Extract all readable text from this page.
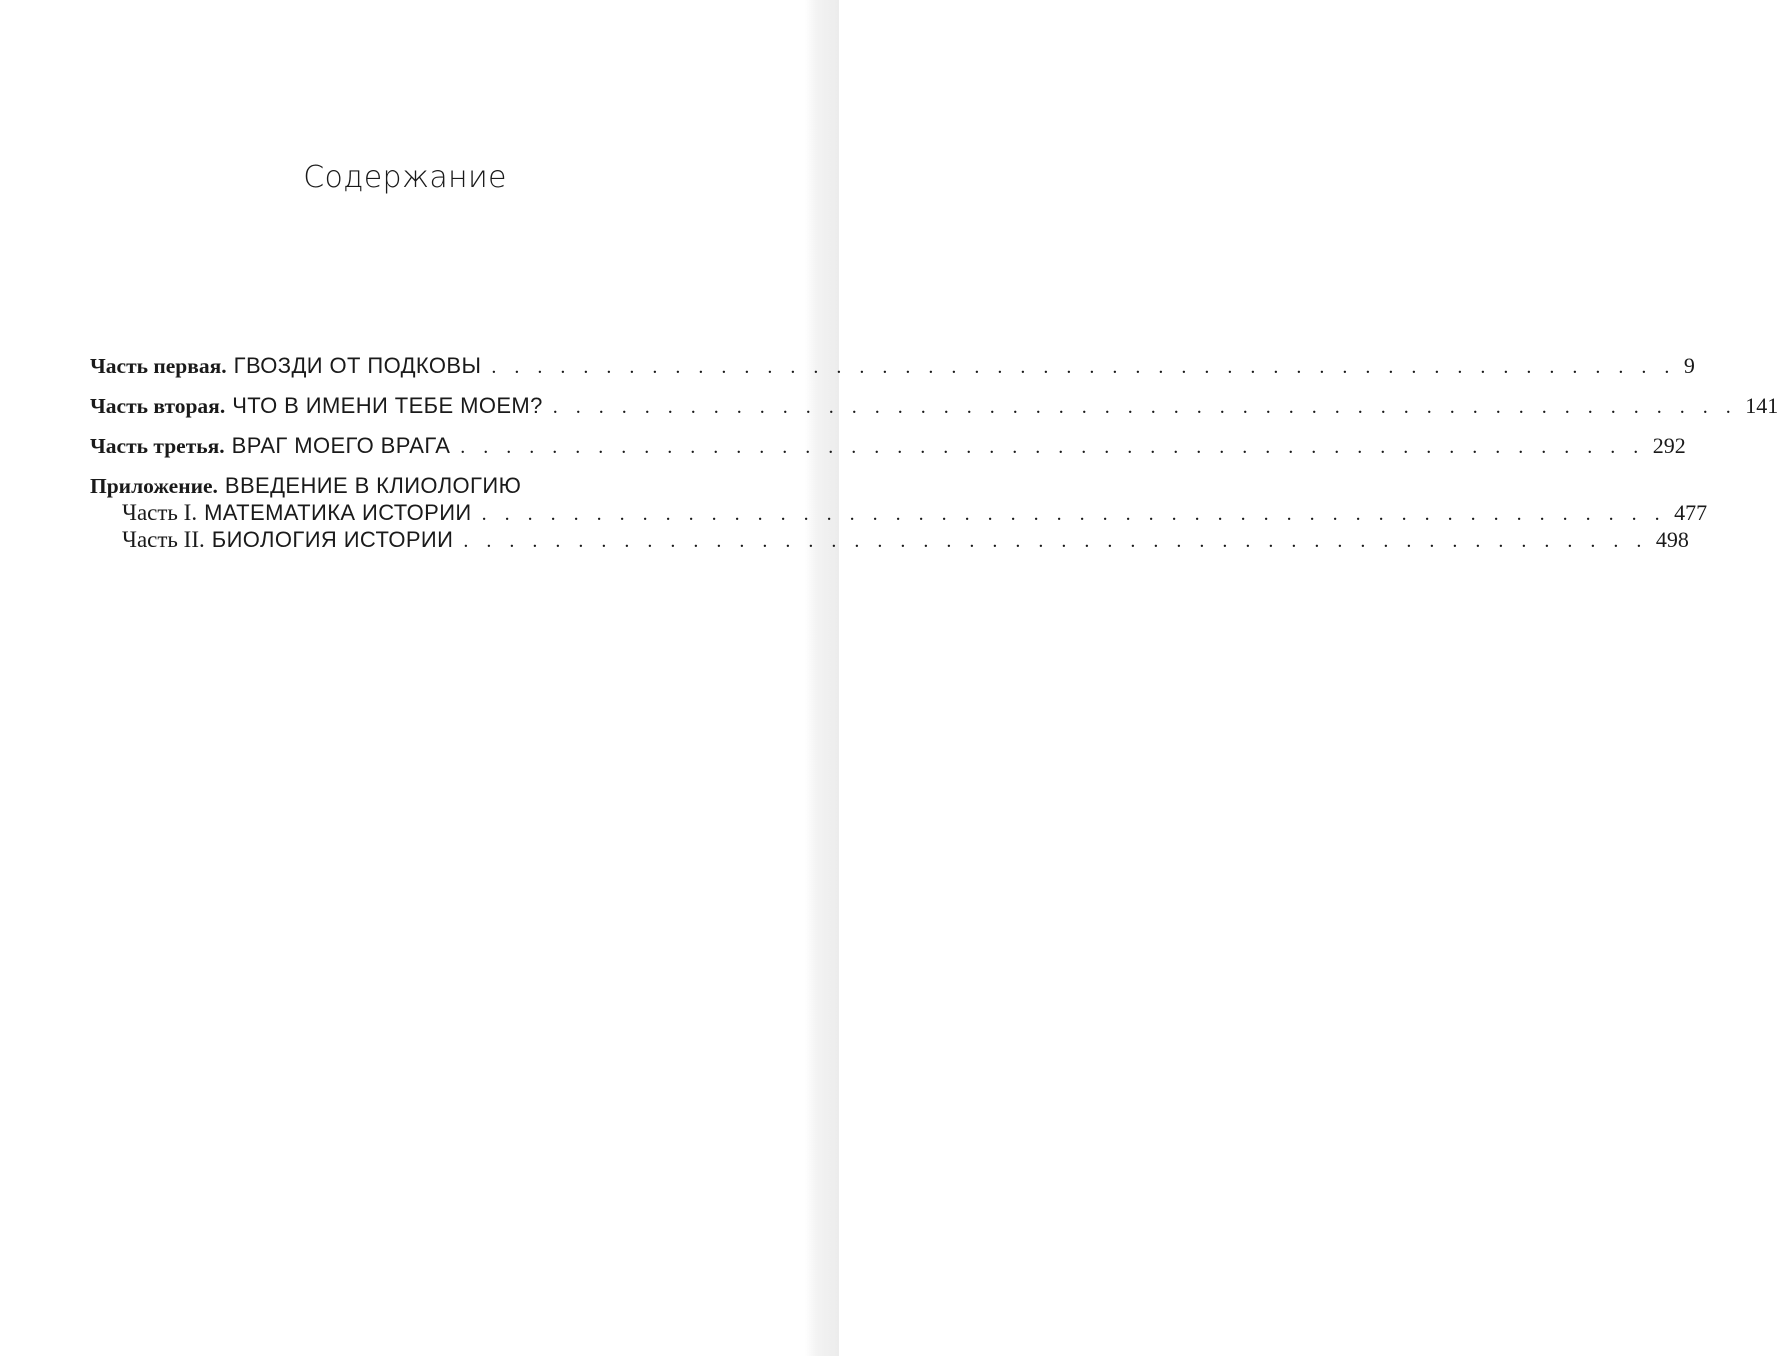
Содержание
Часть первая. ГВОЗДИ ОТ ПОДКОВЫ . . . . . . . . . . . . . . . . . . . . . . . . . . . . . . . . . . . . . . . . . . . . . . . . . . . . 9
Часть вторая. ЧТО В ИМЕНИ ТЕБЕ МОЕМ? . . . . . . . . . . . . . . . . . . . . . . . . . . . . . . . . . . . . . . . . . . . . . . . . . . . . 141
Часть третья. ВРАГ МОЕГО ВРАГА . . . . . . . . . . . . . . . . . . . . . . . . . . . . . . . . . . . . . . . . . . . . . . . . . . . . 292
Приложение. ВВЕДЕНИЕ В КЛИОЛОГИЮ
Часть I. МАТЕМАТИКА ИСТОРИИ . . . . . . . . . . . . . . . . . . . . . . . . . . . . . . . . . . . . . . . . . . . . . . . . . . . . 477
Часть II. БИОЛОГИЯ ИСТОРИИ . . . . . . . . . . . . . . . . . . . . . . . . . . . . . . . . . . . . . . . . . . . . . . . . . . . . 498
